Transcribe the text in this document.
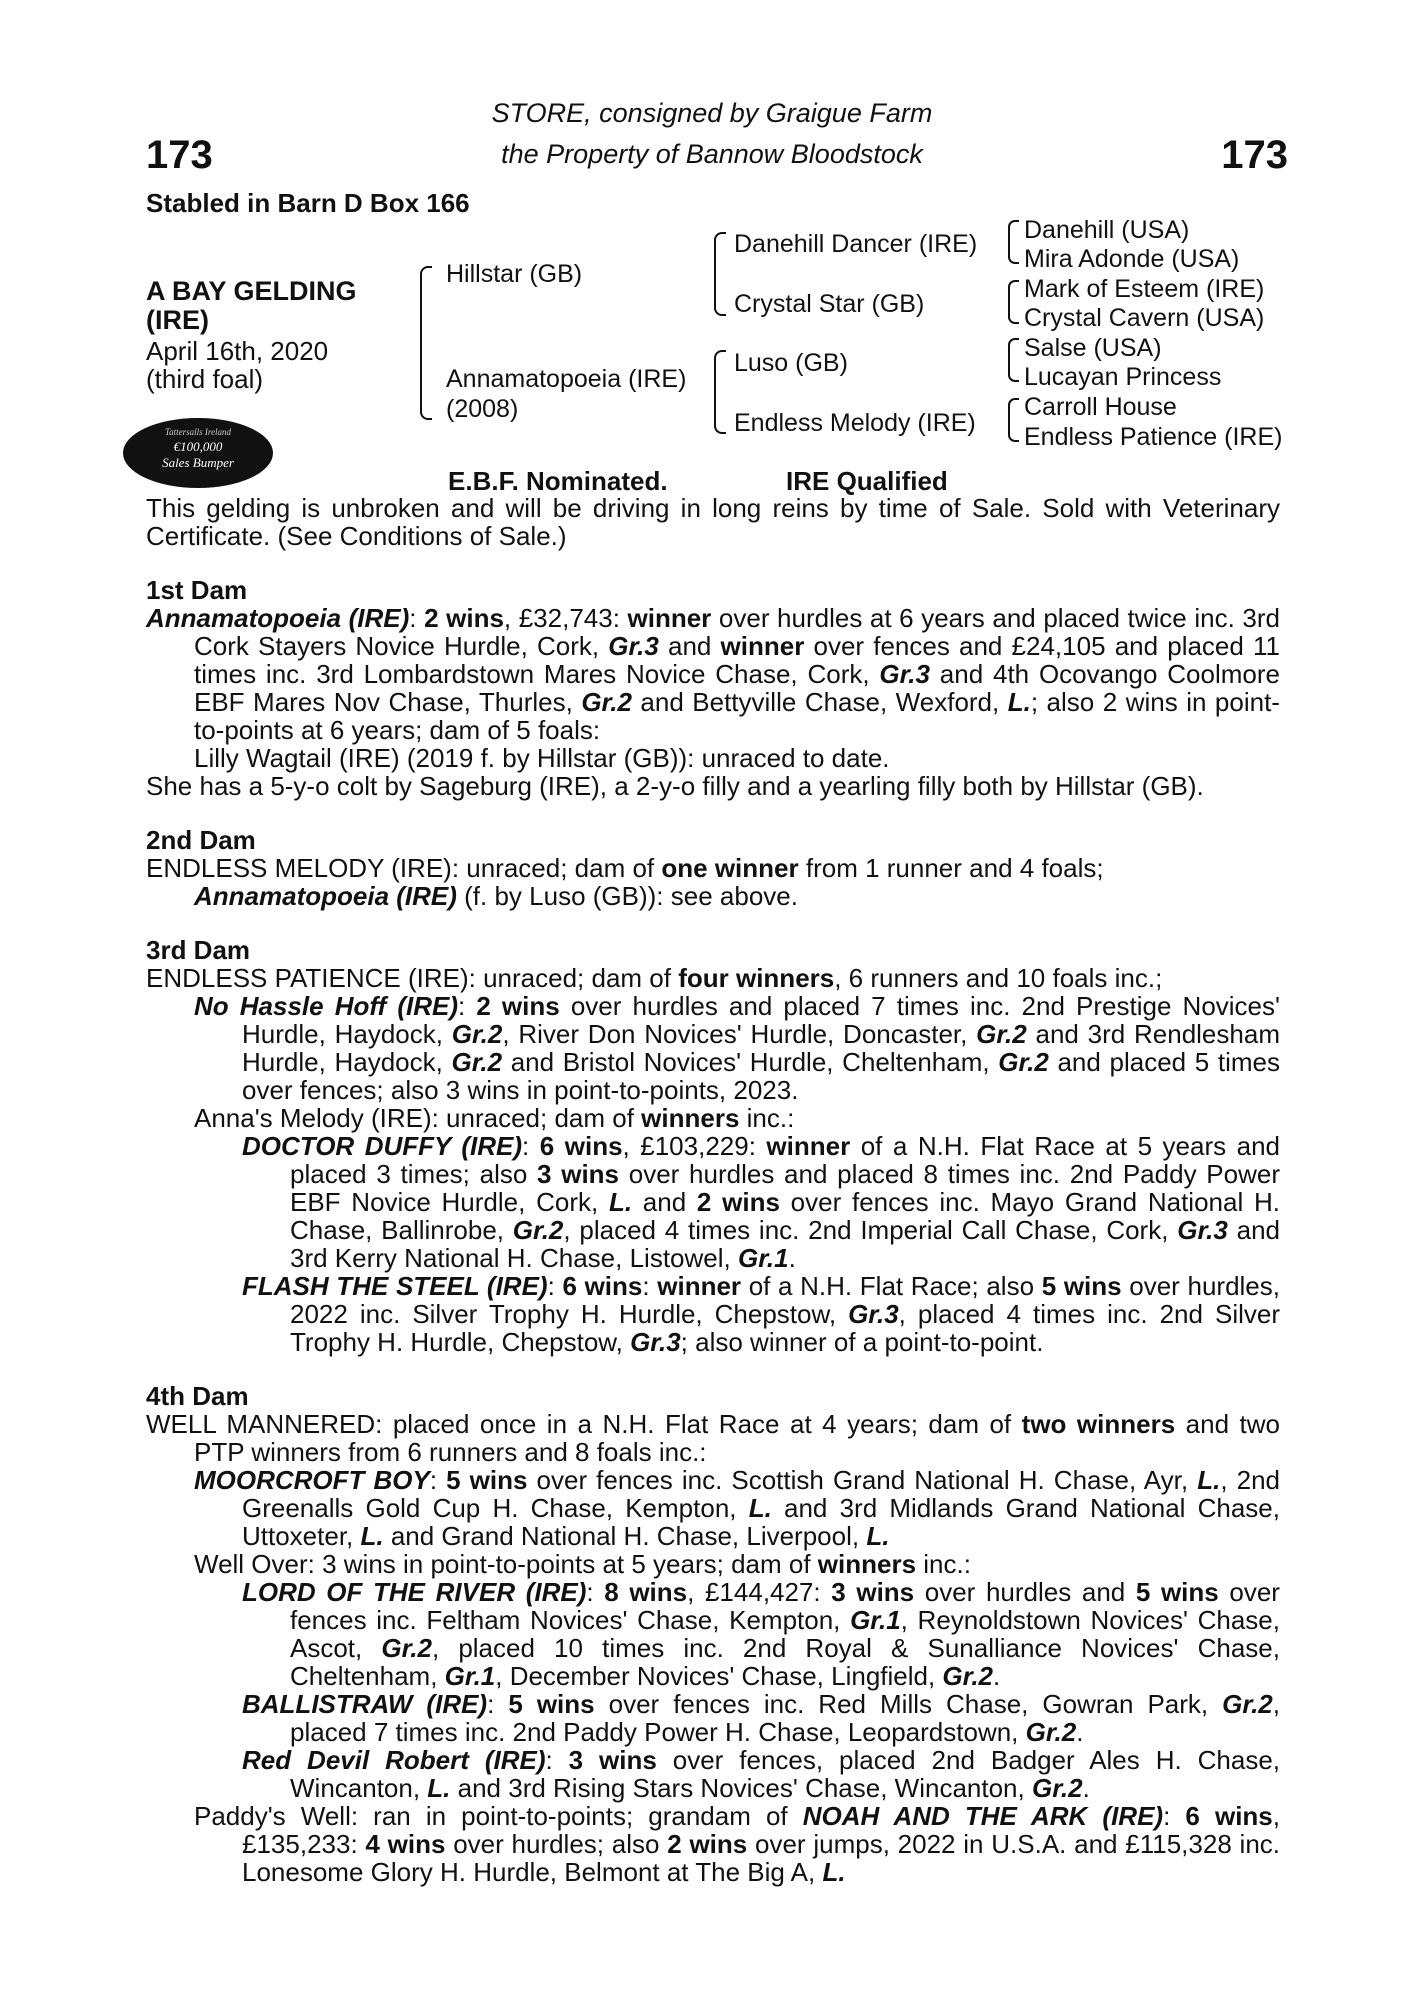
173	173
STORE, consigned by Graigue Farm
the Property of Bannow Bloodstock
Stabled in Barn D Box 166
A BAY GELDING
(IRE)
April 16th, 2020
(third foal)
Tattersalls Ireland
€100,000
Sales Bumper
Hillstar (GB)
Annamatopoeia (IRE)
(2008)
Danehill Dancer (IRE)
Crystal Star (GB)
Luso (GB)
Endless Melody (IRE)
Danehill (USA)
Mira Adonde (USA)
Mark of Esteem (IRE)
Crystal Cavern (USA)
Salse (USA)
Lucayan Princess
Carroll House
Endless Patience (IRE)
E.B.F. Nominated.	IRE Qualified

This gelding is unbroken and will be driving in long reins by time of Sale. Sold with Veterinary Certificate. (See Conditions of Sale.)

1st Dam

Annamatopoeia (IRE): 2 wins, £32,743: winner over hurdles at 6 years and placed twice inc. 3rd Cork Stayers Novice Hurdle, Cork, Gr.3 and winner over fences and £24,105 and placed 11 times inc. 3rd Lombardstown Mares Novice Chase, Cork, Gr.3 and 4th Ocovango Coolmore EBF Mares Nov Chase, Thurles, Gr.2 and Bettyville Chase, Wexford, L.; also 2 wins in point-to-points at 6 years; dam of 5 foals:

Lilly Wagtail (IRE) (2019 f. by Hillstar (GB)): unraced to date.

She has a 5-y-o colt by Sageburg (IRE), a 2-y-o filly and a yearling filly both by Hillstar (GB).

2nd Dam

ENDLESS MELODY (IRE): unraced; dam of one winner from 1 runner and 4 foals;

Annamatopoeia (IRE) (f. by Luso (GB)): see above.

3rd Dam

ENDLESS PATIENCE (IRE): unraced; dam of four winners, 6 runners and 10 foals inc.;

No Hassle Hoff (IRE): 2 wins over hurdles and placed 7 times inc. 2nd Prestige Novices' Hurdle, Haydock, Gr.2, River Don Novices' Hurdle, Doncaster, Gr.2 and 3rd Rendlesham Hurdle, Haydock, Gr.2 and Bristol Novices' Hurdle, Cheltenham, Gr.2 and placed 5 times over fences; also 3 wins in point-to-points, 2023.

Anna's Melody (IRE): unraced; dam of winners inc.:

DOCTOR DUFFY (IRE): 6 wins, £103,229: winner of a N.H. Flat Race at 5 years and placed 3 times; also 3 wins over hurdles and placed 8 times inc. 2nd Paddy Power EBF Novice Hurdle, Cork, L. and 2 wins over fences inc. Mayo Grand National H. Chase, Ballinrobe, Gr.2, placed 4 times inc. 2nd Imperial Call Chase, Cork, Gr.3 and 3rd Kerry National H. Chase, Listowel, Gr.1.

FLASH THE STEEL (IRE): 6 wins: winner of a N.H. Flat Race; also 5 wins over hurdles, 2022 inc. Silver Trophy H. Hurdle, Chepstow, Gr.3, placed 4 times inc. 2nd Silver Trophy H. Hurdle, Chepstow, Gr.3; also winner of a point-to-point.

4th Dam

WELL MANNERED: placed once in a N.H. Flat Race at 4 years; dam of two winners and two PTP winners from 6 runners and 8 foals inc.:

MOORCROFT BOY: 5 wins over fences inc. Scottish Grand National H. Chase, Ayr, L., 2nd Greenalls Gold Cup H. Chase, Kempton, L. and 3rd Midlands Grand National Chase, Uttoxeter, L. and Grand National H. Chase, Liverpool, L.

Well Over: 3 wins in point-to-points at 5 years; dam of winners inc.:

LORD OF THE RIVER (IRE): 8 wins, £144,427: 3 wins over hurdles and 5 wins over fences inc. Feltham Novices' Chase, Kempton, Gr.1, Reynoldstown Novices' Chase, Ascot, Gr.2, placed 10 times inc. 2nd Royal & Sunalliance Novices' Chase, Cheltenham, Gr.1, December Novices' Chase, Lingfield, Gr.2.

BALLISTRAW (IRE): 5 wins over fences inc. Red Mills Chase, Gowran Park, Gr.2, placed 7 times inc. 2nd Paddy Power H. Chase, Leopardstown, Gr.2.

Red Devil Robert (IRE): 3 wins over fences, placed 2nd Badger Ales H. Chase, Wincanton, L. and 3rd Rising Stars Novices' Chase, Wincanton, Gr.2.

Paddy's Well: ran in point-to-points; grandam of NOAH AND THE ARK (IRE): 6 wins, £135,233: 4 wins over hurdles; also 2 wins over jumps, 2022 in U.S.A. and £115,328 inc. Lonesome Glory H. Hurdle, Belmont at The Big A, L.
